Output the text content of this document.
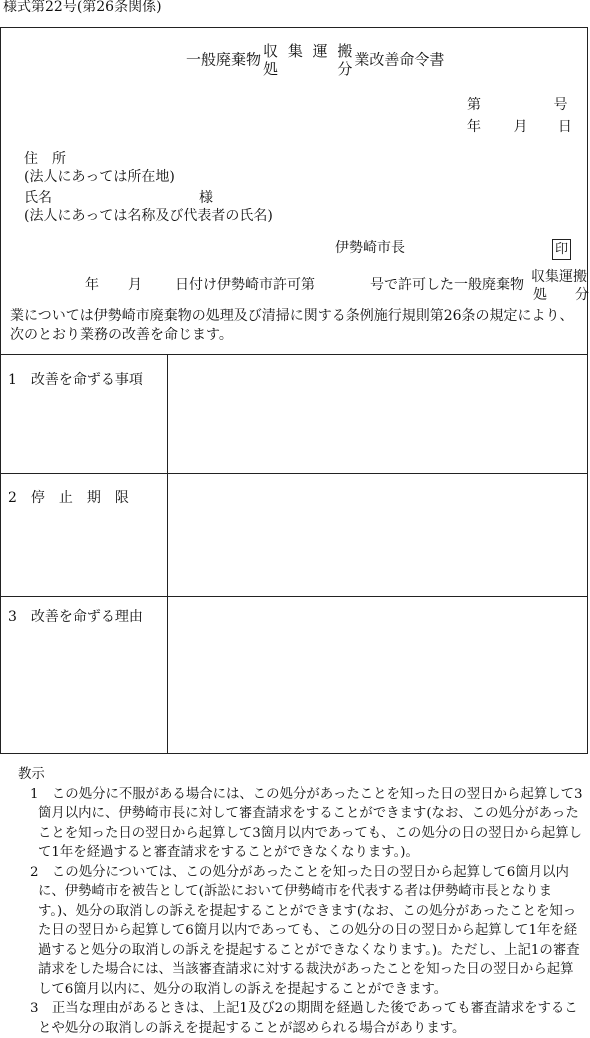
様式第22号(第26条関係)
一般廃棄物 収 集 運 搬
処 分
業改善命令書
第	号
年 月 日
住　所
(法人にあっては所在地)
氏名	様
(法人にあっては名称及び代表者の氏名)
伊勢崎市長	印
年 月 日付け伊勢崎市許可第	号で許可した一般廃棄物 収集運搬
処　　分
業については伊勢崎市廃棄物の処理及び清掃に関する条例施行規則第26条の規定により、
次のとおり業務の改善を命じます。
1　改善を命ずる事項
2　停　止　期　限
3　改善を命ずる理由
教示
1　この処分に不服がある場合には、この処分があったことを知った日の翌日から起算して3箇月以内に、伊勢崎市長に対して審査請求をすることができます(なお、この処分があったことを知った日の翌日から起算して3箇月以内であっても、この処分の日の翌日から起算して1年を経過すると審査請求をすることができなくなります。)。
2　この処分については、この処分があったことを知った日の翌日から起算して6箇月以内に、伊勢崎市を被告として(訴訟において伊勢崎市を代表する者は伊勢崎市長となります。)、処分の取消しの訴えを提起することができます(なお、この処分があったことを知った日の翌日から起算して6箇月以内であっても、この処分の日の翌日から起算して1年を経過すると処分の取消しの訴えを提起することができなくなります。)。ただし、上記1の審査請求をした場合には、当該審査請求に対する裁決があったことを知った日の翌日から起算して6箇月以内に、処分の取消しの訴えを提起することができます。
3　正当な理由があるときは、上記1及び2の期間を経過した後であっても審査請求をすることや処分の取消しの訴えを提起することが認められる場合があります。
